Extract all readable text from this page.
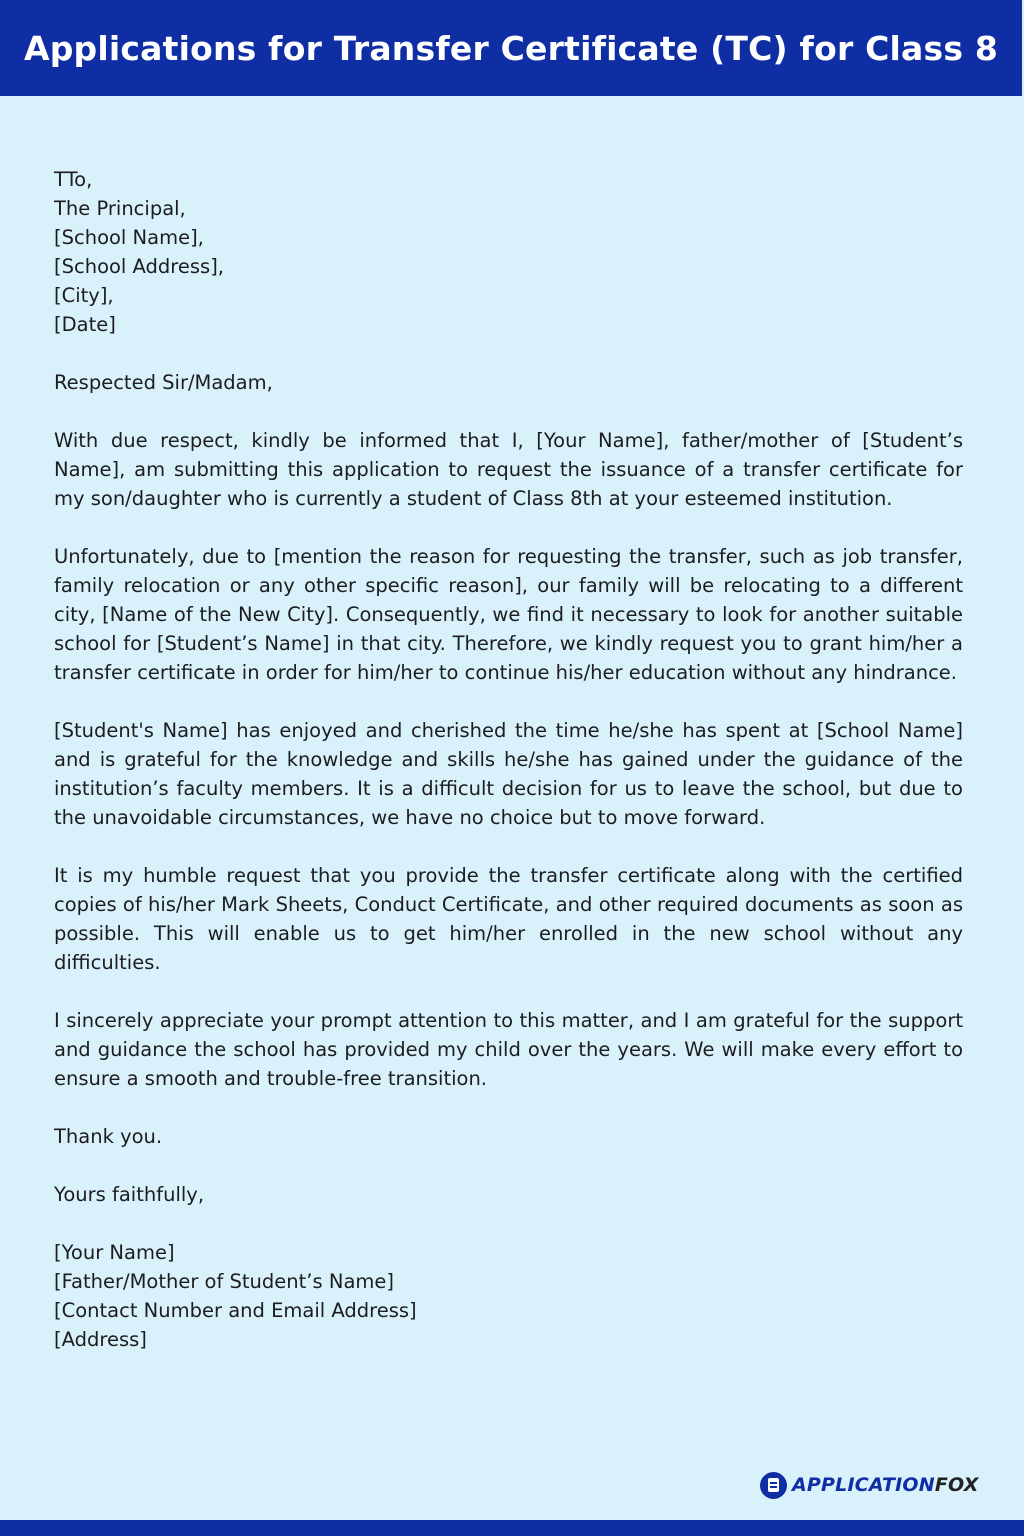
Applications for Transfer Certificate (TC) for Class 8
TTo,
The Principal,
[School Name],
[School Address],
[City],
[Date]

Respected Sir/Madam,

With due respect, kindly be informed that I, [Your Name], father/mother of [Student’s Name], am submitting this application to request the issuance of a transfer certificate for my son/daughter who is currently a student of Class 8th at your esteemed institution.

Unfortunately, due to [mention the reason for requesting the transfer, such as job transfer, family relocation or any other specific reason], our family will be relocating to a different city, [Name of the New City]. Consequently, we find it necessary to look for another suitable school for [Student’s Name] in that city. Therefore, we kindly request you to grant him/her a transfer certificate in order for him/her to continue his/her education without any hindrance.

[Student's Name] has enjoyed and cherished the time he/she has spent at [School Name] and is grateful for the knowledge and skills he/she has gained under the guidance of the institution’s faculty members. It is a difficult decision for us to leave the school, but due to the unavoidable circumstances, we have no choice but to move forward.

It is my humble request that you provide the transfer certificate along with the certified copies of his/her Mark Sheets, Conduct Certificate, and other required documents as soon as possible. This will enable us to get him/her enrolled in the new school without any difficulties.

I sincerely appreciate your prompt attention to this matter, and I am grateful for the support and guidance the school has provided my child over the years. We will make every effort to ensure a smooth and trouble-free transition.

Thank you.

Yours faithfully,

[Your Name]
[Father/Mother of Student’s Name]
[Contact Number and Email Address]
[Address]
APPLICATIONFOX
